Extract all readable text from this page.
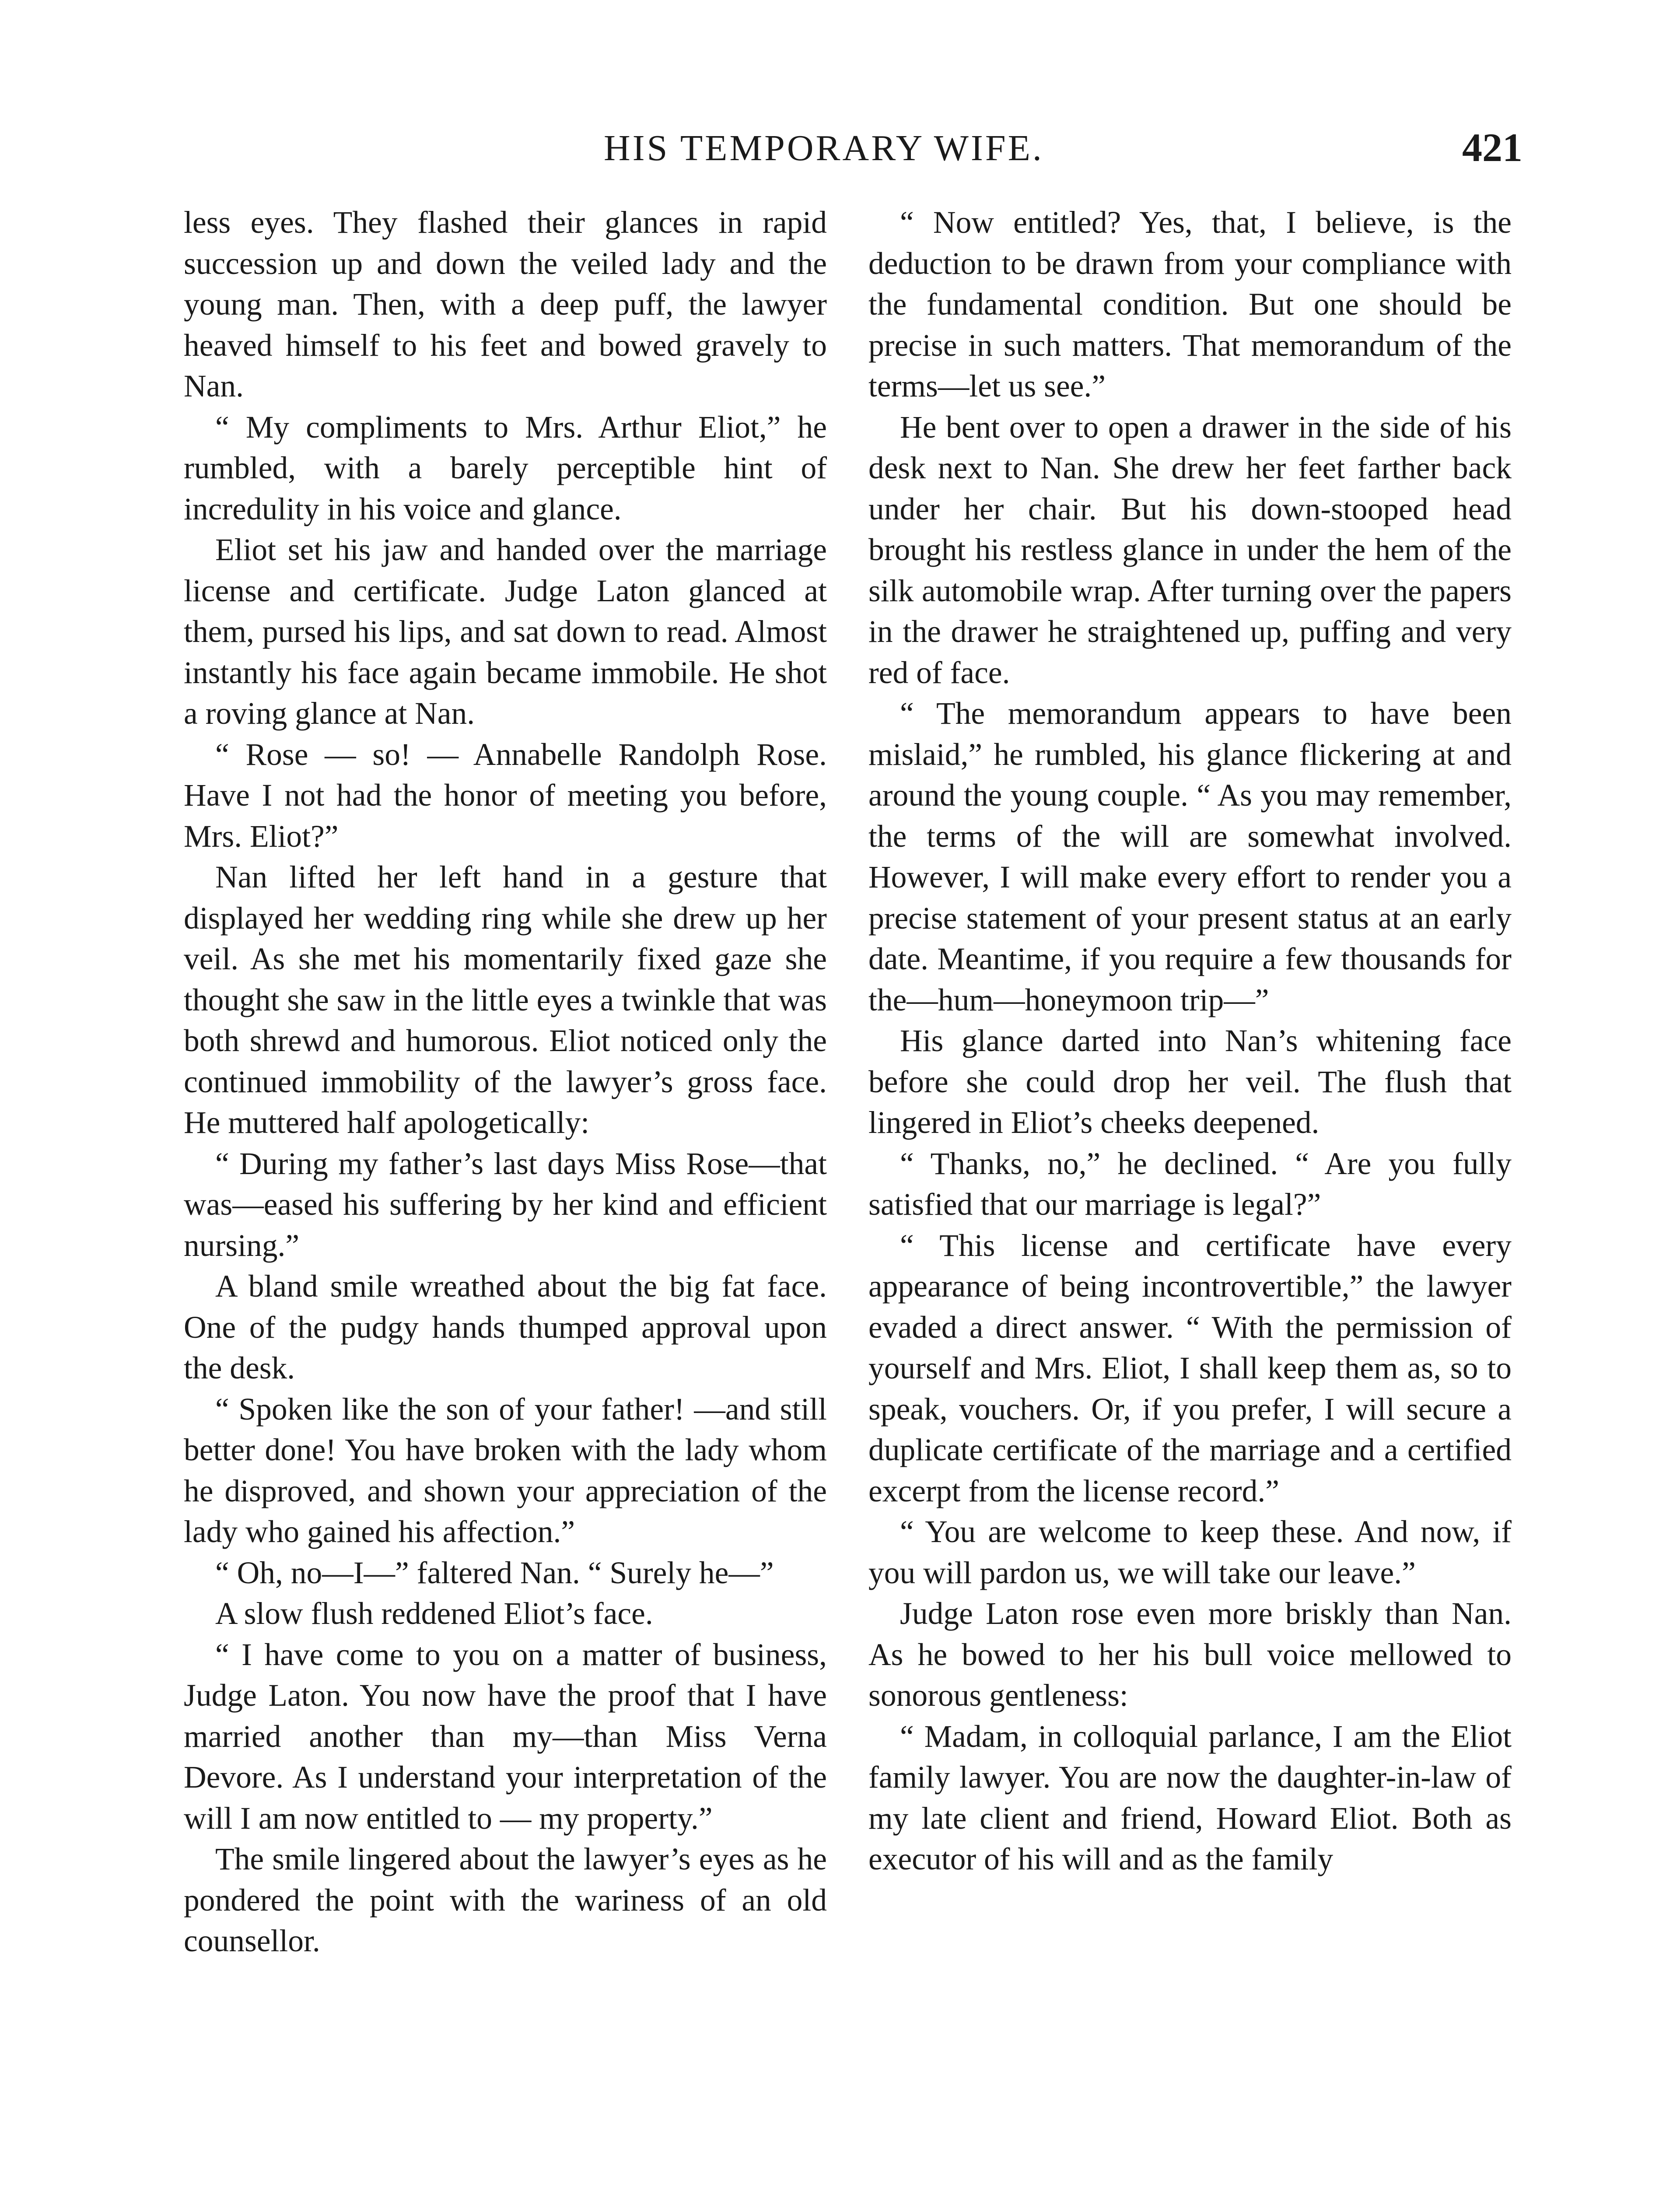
HIS TEMPORARY WIFE.	421

less eyes. They flashed their glances in rapid succession up and down the veiled lady and the young man. Then, with a deep puff, the lawyer heaved himself to his feet and bowed gravely to Nan.

“ My compliments to Mrs. Arthur Eliot,” he rumbled, with a barely perceptible hint of incredulity in his voice and glance.

Eliot set his jaw and handed over the marriage license and certificate. Judge Laton glanced at them, pursed his lips, and sat down to read. Almost instantly his face again became immobile. He shot a roving glance at Nan.

“ Rose — so! — Annabelle Randolph Rose. Have I not had the honor of meeting you before, Mrs. Eliot?”

Nan lifted her left hand in a gesture that displayed her wedding ring while she drew up her veil. As she met his momentarily fixed gaze she thought she saw in the little eyes a twinkle that was both shrewd and humorous. Eliot noticed only the continued immobility of the lawyer’s gross face. He muttered half apologetically:

“ During my father’s last days Miss Rose—that was—eased his suffering by her kind and efficient nursing.”

A bland smile wreathed about the big fat face. One of the pudgy hands thumped approval upon the desk.

“ Spoken like the son of your father! —and still better done! You have broken with the lady whom he disproved, and shown your appreciation of the lady who gained his affection.”

“ Oh, no—I—” faltered Nan. “ Surely he—”

A slow flush reddened Eliot’s face.

“ I have come to you on a matter of business, Judge Laton. You now have the proof that I have married another than my—than Miss Verna Devore. As I understand your interpretation of the will I am now entitled to — my property.”

The smile lingered about the lawyer’s eyes as he pondered the point with the wariness of an old counsellor.

“ Now entitled? Yes, that, I believe, is the deduction to be drawn from your compliance with the fundamental condition. But one should be precise in such matters. That memorandum of the terms—let us see.”

He bent over to open a drawer in the side of his desk next to Nan. She drew her feet farther back under her chair. But his down-stooped head brought his restless glance in under the hem of the silk automobile wrap. After turning over the papers in the drawer he straightened up, puffing and very red of face.

“ The memorandum appears to have been mislaid,” he rumbled, his glance flickering at and around the young couple. “ As you may remember, the terms of the will are somewhat involved. However, I will make every effort to render you a precise statement of your present status at an early date. Meantime, if you require a few thousands for the—hum—honeymoon trip—”

His glance darted into Nan’s whitening face before she could drop her veil. The flush that lingered in Eliot’s cheeks deepened.

“ Thanks, no,” he declined. “ Are you fully satisfied that our marriage is legal?”

“ This license and certificate have every appearance of being incontrovertible,” the lawyer evaded a direct answer. “ With the permission of yourself and Mrs. Eliot, I shall keep them as, so to speak, vouchers. Or, if you prefer, I will secure a duplicate certificate of the marriage and a certified excerpt from the license record.”

“ You are welcome to keep these. And now, if you will pardon us, we will take our leave.”

Judge Laton rose even more briskly than Nan. As he bowed to her his bull voice mellowed to sonorous gentleness:

“ Madam, in colloquial parlance, I am the Eliot family lawyer. You are now the daughter-in-law of my late client and friend, Howard Eliot. Both as executor of his will and as the family
